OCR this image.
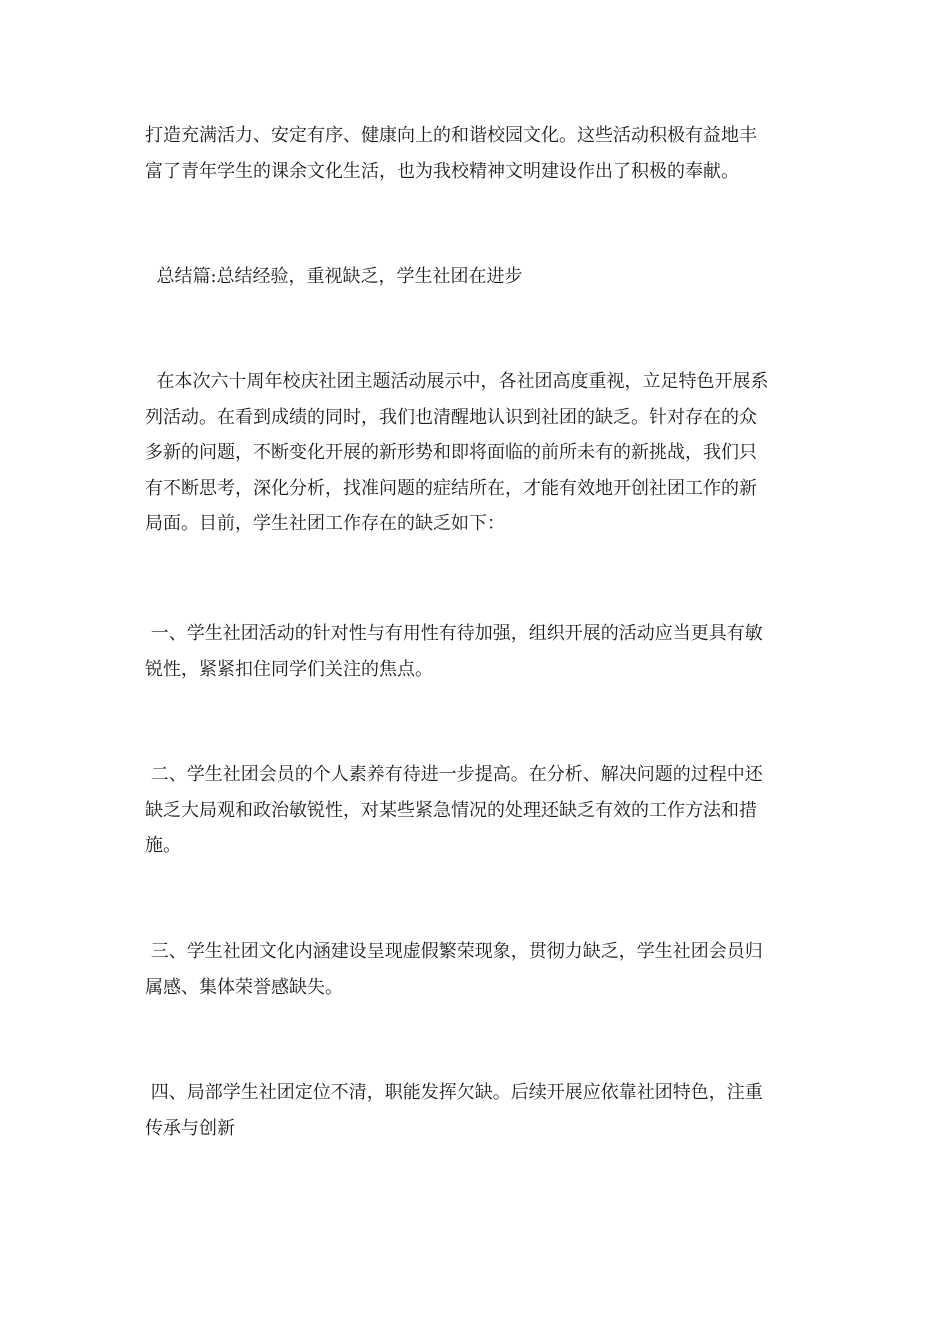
打造充满活力、安定有序、健康向上的和谐校园文化。这些活动积极有益地丰
富了青年学生的课余文化生活，也为我校精神文明建设作出了积极的奉献。

总结篇:总结经验，重视缺乏，学生社团在进步

在本次六十周年校庆社团主题活动展示中，各社团高度重视，立足特色开展系
列活动。在看到成绩的同时，我们也清醒地认识到社团的缺乏。针对存在的众
多新的问题，不断变化开展的新形势和即将面临的前所未有的新挑战，我们只
有不断思考，深化分析，找准问题的症结所在，才能有效地开创社团工作的新
局面。目前，学生社团工作存在的缺乏如下：

一、学生社团活动的针对性与有用性有待加强，组织开展的活动应当更具有敏
锐性，紧紧扣住同学们关注的焦点。

二、学生社团会员的个人素养有待进一步提高。在分析、解决问题的过程中还
缺乏大局观和政治敏锐性，对某些紧急情况的处理还缺乏有效的工作方法和措
施。

三、学生社团文化内涵建设呈现虚假繁荣现象，贯彻力缺乏，学生社团会员归
属感、集体荣誉感缺失。

四、局部学生社团定位不清，职能发挥欠缺。后续开展应依靠社团特色，注重
传承与创新
